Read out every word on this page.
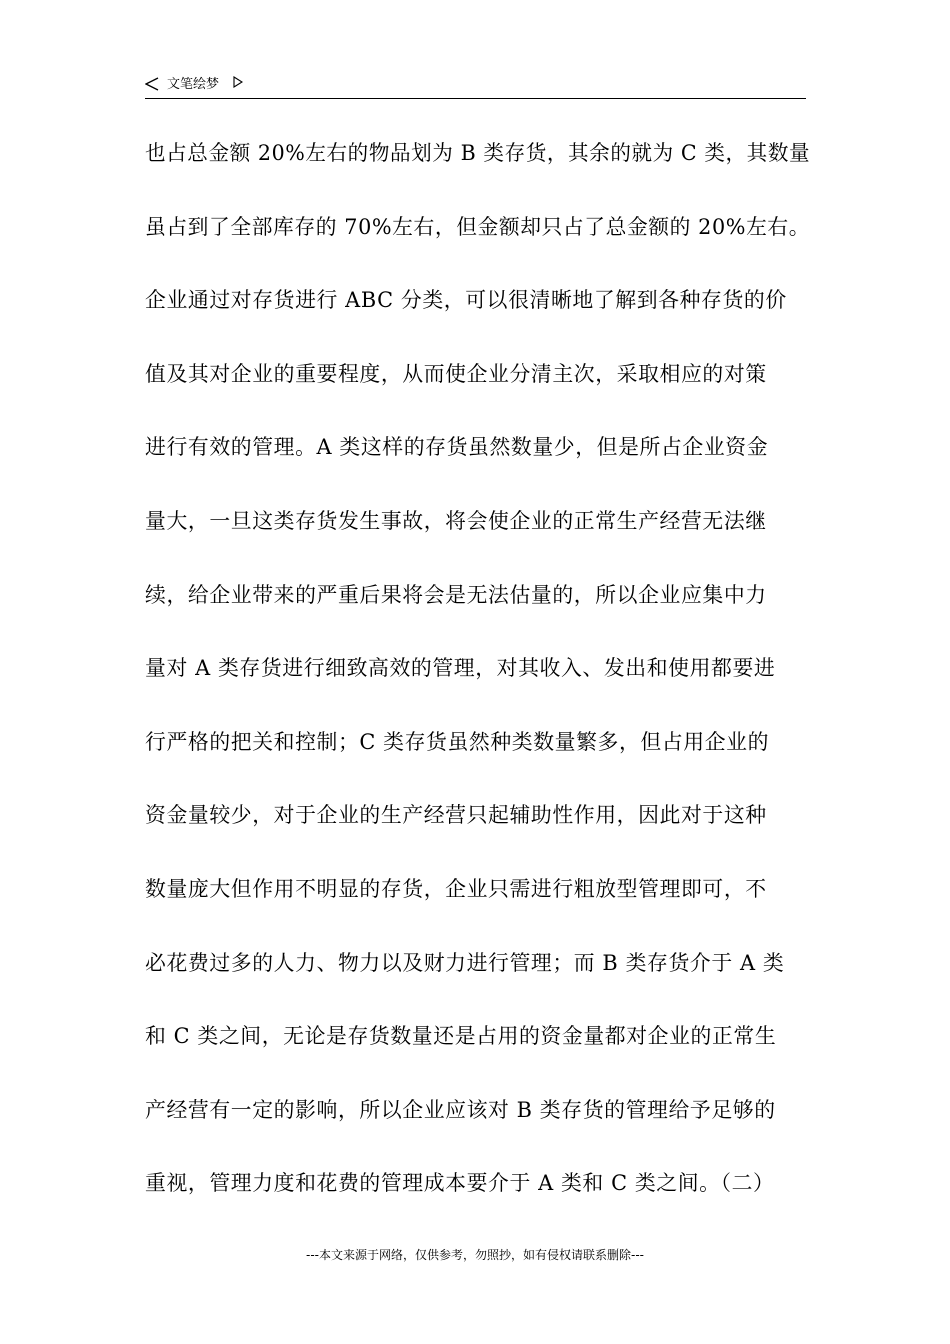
文笔绘梦
也占总金额 20%左右的物品划为 B 类存货，其余的就为 C 类，其数量
虽占到了全部库存的 70%左右，但金额却只占了总金额的 20%左右。
企业通过对存货进行 ABC 分类，可以很清晰地了解到各种存货的价
值及其对企业的重要程度，从而使企业分清主次，采取相应的对策
进行有效的管理。A 类这样的存货虽然数量少，但是所占企业资金
量大，一旦这类存货发生事故，将会使企业的正常生产经营无法继
续，给企业带来的严重后果将会是无法估量的，所以企业应集中力
量对 A 类存货进行细致高效的管理，对其收入、发出和使用都要进
行严格的把关和控制；C 类存货虽然种类数量繁多，但占用企业的
资金量较少，对于企业的生产经营只起辅助性作用，因此对于这种
数量庞大但作用不明显的存货，企业只需进行粗放型管理即可，不
必花费过多的人力、物力以及财力进行管理；而 B 类存货介于 A 类
和 C 类之间，无论是存货数量还是占用的资金量都对企业的正常生
产经营有一定的影响，所以企业应该对 B 类存货的管理给予足够的
重视，管理力度和花费的管理成本要介于 A 类和 C 类之间。（二）
---本文来源于网络，仅供参考，勿照抄，如有侵权请联系删除---
